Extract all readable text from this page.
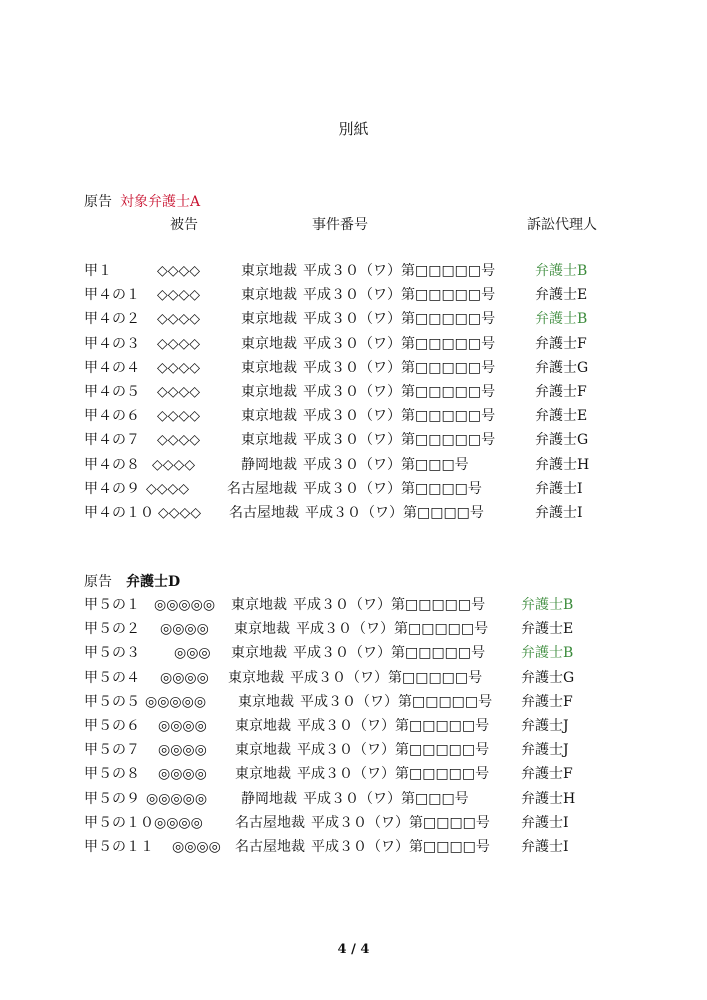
別紙
原告 対象弁護士A
被告	事件番号	訴訟代理人
甲１	◇◇◇◇	東京地裁 平成３０（ワ）第□□□□□号	弁護士B
甲４の１ ◇◇◇◇	東京地裁 平成３０（ワ）第□□□□□号	弁護士E
甲４の２ ◇◇◇◇	東京地裁 平成３０（ワ）第□□□□□号	弁護士B
甲４の３ ◇◇◇◇	東京地裁 平成３０（ワ）第□□□□□号	弁護士F
甲４の４ ◇◇◇◇	東京地裁 平成３０（ワ）第□□□□□号	弁護士G
甲４の５ ◇◇◇◇	東京地裁 平成３０（ワ）第□□□□□号	弁護士F
甲４の６ ◇◇◇◇	東京地裁 平成３０（ワ）第□□□□□号	弁護士E
甲４の７ ◇◇◇◇	東京地裁 平成３０（ワ）第□□□□□号	弁護士G
甲４の８ ◇◇◇◇	静岡地裁 平成３０（ワ）第□□□号	弁護士H
甲４の９ ◇◇◇◇	名古屋地裁 平成３０（ワ）第□□□□号	弁護士I
甲４の１０ ◇◇◇◇ 名古屋地裁 平成３０（ワ）第□□□□号	弁護士I
原告 弁護士D
甲５の１ ◎◎◎◎◎ 東京地裁 平成３０（ワ）第□□□□□号	弁護士B
甲５の２ ◎◎◎◎ 東京地裁 平成３０（ワ）第□□□□□号 弁護士E
甲５の３ ◎◎◎ 東京地裁 平成３０（ワ）第□□□□□号	弁護士B
甲５の４ ◎◎◎◎ 東京地裁 平成３０（ワ）第□□□□□号	弁護士G
甲５の５ ◎◎◎◎◎ 東京地裁 平成３０（ワ）第□□□□□号 弁護士F
甲５の６ ◎◎◎◎ 東京地裁 平成３０（ワ）第□□□□□号 弁護士J
甲５の７ ◎◎◎◎ 東京地裁 平成３０（ワ）第□□□□□号 弁護士J
甲５の８ ◎◎◎◎ 東京地裁 平成３０（ワ）第□□□□□号 弁護士F
甲５の９ ◎◎◎◎◎ 静岡地裁 平成３０（ワ）第□□□号	弁護士H
甲５の１０ ◎◎◎◎ 名古屋地裁 平成３０（ワ）第□□□□号 弁護士I
甲５の１１ ◎◎◎◎ 名古屋地裁 平成３０（ワ）第□□□□号 弁護士I
4 / 4
